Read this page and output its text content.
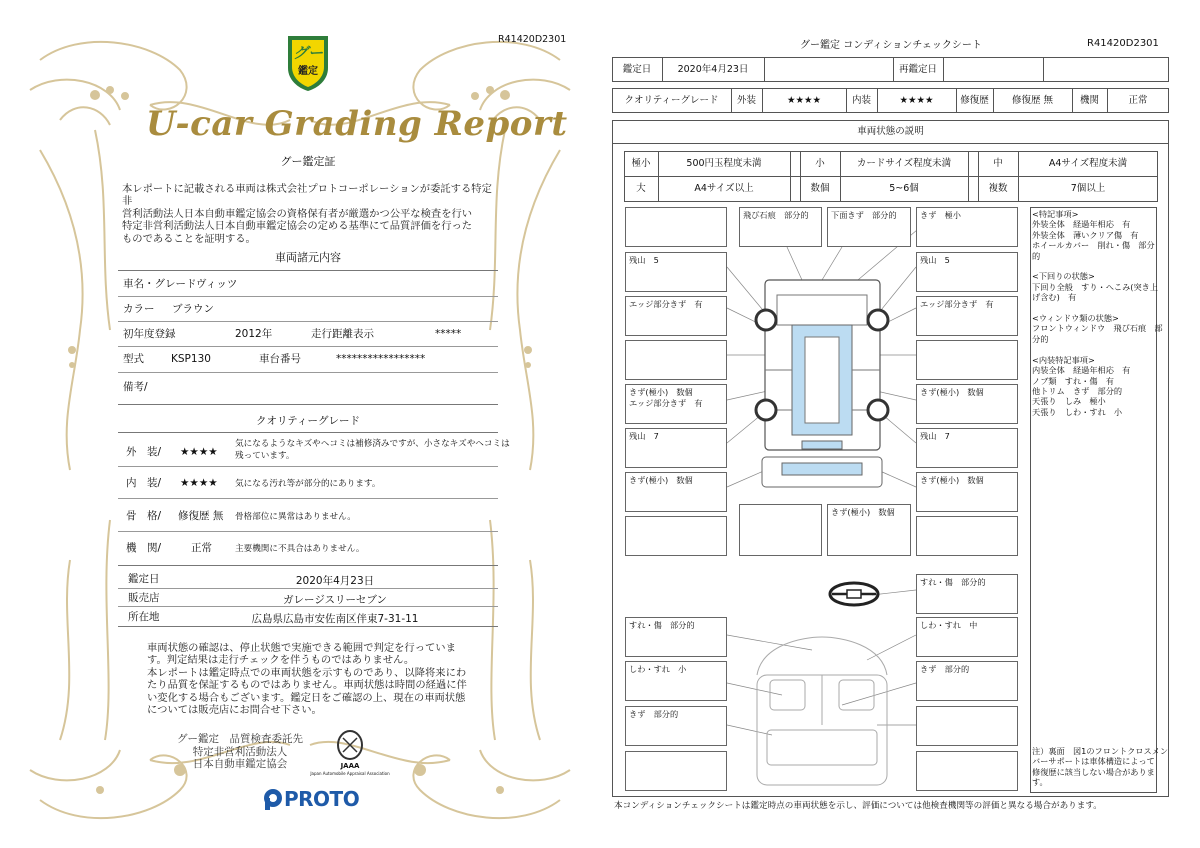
R41420D2301
グー
鑑定
U-car Grading Report
グー鑑定証
本レポートに記載される車両は株式会社プロトコーポレーションが委託する特定非
営利活動法人日本自動車鑑定協会の資格保有者が厳選かつ公平な検査を行い
特定非営利活動法人日本自動車鑑定協会の定める基準にて品質評価を行った
ものであることを証明する。
車両諸元内容
車名・グレード ヴィッツ
カラー ブラウン
初年度登録	2012年	走行距離表示	*****
型式	KSP130	車台番号	*****************
備考/
クオリティーグレード
外　装/ ★★★★
気になるようなキズやヘコミは補修済みですが、小さなキズやヘコミは
残っています。
内　装/ ★★★★ 気になる汚れ等が部分的にあります。
骨　格/ 修復歴 無 骨格部位に異常はありません。
機　関/	正常	主要機関に不具合はありません。
鑑定日	2020年4月23日
販売店	ガレージスリーセブン
所在地	広島県広島市安佐南区伴東7-31-11
車両状態の確認は、停止状態で実施できる範囲で判定を行っていま
す。判定結果は走行チェックを伴うものではありません。
本レポートは鑑定時点での車両状態を示すものであり、以降将来にわ
たり品質を保証するものではありません。車両状態は時間の経過に伴
い変化する場合もございます。鑑定日をご確認の上、現在の車両状態
については販売店にお問合せ下さい。
グー鑑定　品質検査委託先
特定非営利活動法人
日本自動車鑑定協会	JAAA
Japan Automobile Appraisal Association
PROTO
グー鑑定 コンディションチェックシート	R41420D2301
鑑定日	2020年4月23日	再鑑定日
クオリティーグレード	外装	★★★★	内装	★★★★	修復歴	修復歴 無	機関	正常
車両状態の説明
極小	500円玉程度未満	小	カードサイズ程度未満	中	A4サイズ程度未満
大	A4サイズ以上	数個	5~6個	複数	7個以上
残山　5
エッジ部分きず　有
きず(極小)　数個
エッジ部分きず　有
残山　7
きず(極小)　数個
すれ・傷　部分的
しわ・すれ　小
きず　部分的
飛び石痕　部分的	下面きず　部分的
きず(極小)　数個
きず　極小
残山　5
エッジ部分きず　有
きず(極小)　数個
残山　7
きず(極小)　数個
すれ・傷　部分的
しわ・すれ　中
きず　部分的
<特記事項>
外装全体　経過年相応　有
外装全体　薄いクリア傷　有
ホイールカバー　削れ・傷　部分
的

<下回りの状態>
下回り全般　すり・へこみ(突き上
げ含む)　有

<ウィンドウ類の状態>
フロントウィンドウ　飛び石痕　部
分的

<内装特記事項>
内装全体　経過年相応　有
ノブ類　すれ・傷　有
他トリム　きず　部分的
天張り　しみ　極小
天張り　しわ・すれ　小
注）裏面　図1のフロントクロスメン
バーサポートは車体構造によって
修復歴に該当しない場合がありま
す。
本コンディションチェックシートは鑑定時点の車両状態を示し、評価については他検査機関等の評価と異なる場合があります。
